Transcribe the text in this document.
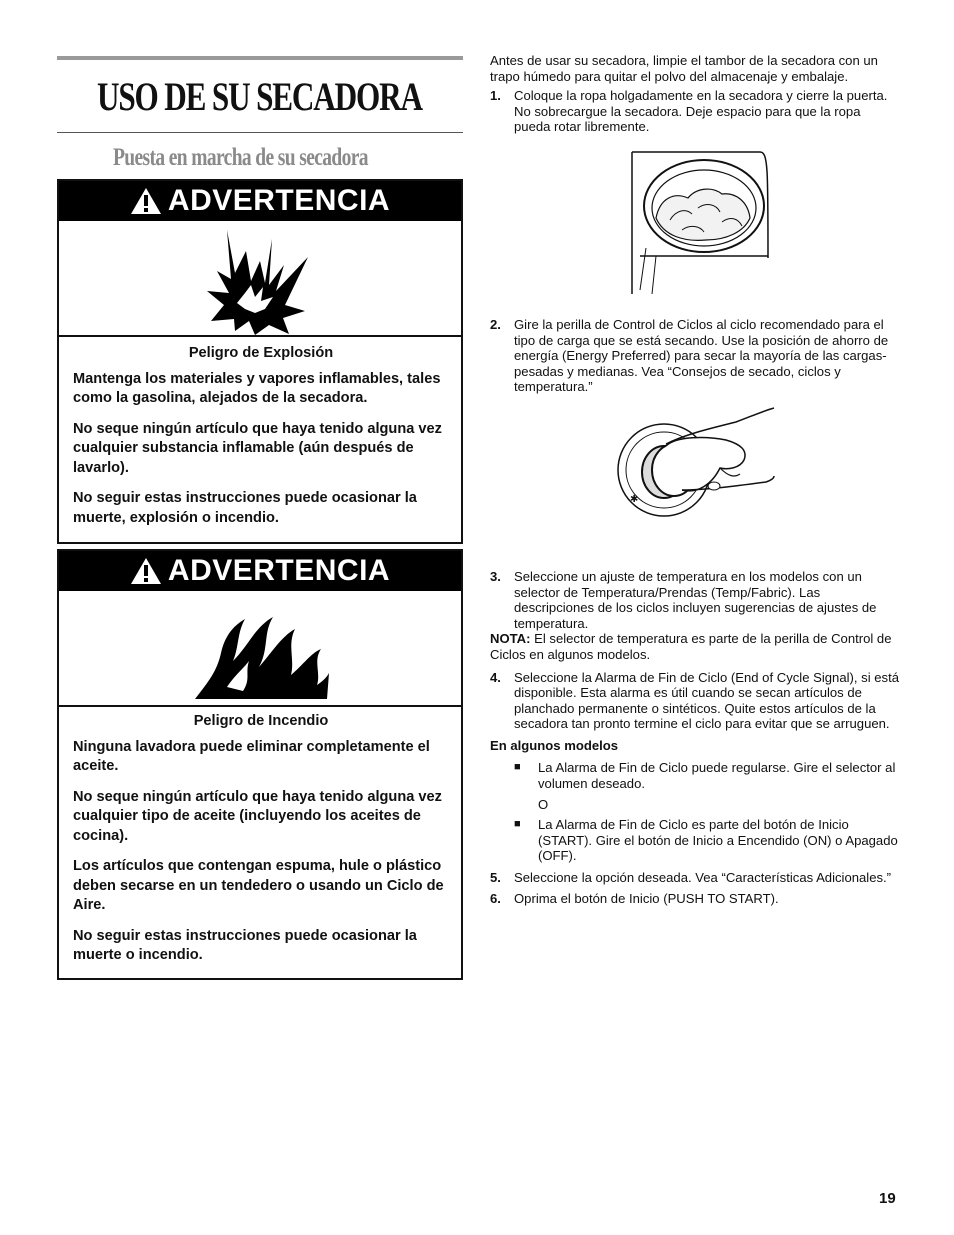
USO DE SU SECADORA
Puesta en marcha de su secadora
ADVERTENCIA

Peligro de Explosión

Mantenga los materiales y vapores inflamables, tales como la gasolina, alejados de la secadora.

No seque ningún artículo que haya tenido alguna vez cualquier substancia inflamable (aún después de lavarlo).

No seguir estas instrucciones puede ocasionar la muerte, explosión o incendio.

ADVERTENCIA

Peligro de Incendio

Ninguna lavadora puede eliminar completamente el aceite.

No seque ningún artículo que haya tenido alguna vez cualquier tipo de aceite (incluyendo los aceites de cocina).

Los artículos que contengan espuma, hule o plástico deben secarse en un tendedero o usando un Ciclo de Aire.

No seguir estas instrucciones puede ocasionar la muerte o incendio.

Antes de usar su secadora, limpie el tambor de la secadora con un trapo húmedo para quitar el polvo del almacenaje y embalaje.

1. Coloque la ropa holgadamente en la secadora y cierre la puerta. No sobrecargue la secadora. Deje espacio para que la ropa pueda rotar libremente.
2. Gire la perilla de Control de Ciclos al ciclo recomendado para el tipo de carga que se está secando. Use la posición de ahorro de energía (Energy Preferred) para secar la mayoría de las cargas-pesadas y medianas. Vea “Consejos de secado, ciclos y temperatura.”
3. Seleccione un ajuste de temperatura en los modelos con un selector de Temperatura/Prendas (Temp/Fabric). Las descripciones de los ciclos incluyen sugerencias de ajustes de temperatura.

NOTA: El selector de temperatura es parte de la perilla de Control de Ciclos en algunos modelos.

4. Seleccione la Alarma de Fin de Ciclo (End of Cycle Signal), si está disponible. Esta alarma es útil cuando se secan artículos de planchado permanente o sintéticos. Quite estos artículos de la secadora tan pronto termine el ciclo para evitar que se arruguen.

En algunos modelos

■	La Alarma de Fin de Ciclo puede regularse. Gire el selector al volumen deseado.

O

■	La Alarma de Fin de Ciclo es parte del botón de Inicio (START). Gire el botón de Inicio a Encendido (ON) o Apagado (OFF).
5. Seleccione la opción deseada. Vea “Características Adicionales.”
6. Oprima el botón de Inicio (PUSH TO START).
✱
19
